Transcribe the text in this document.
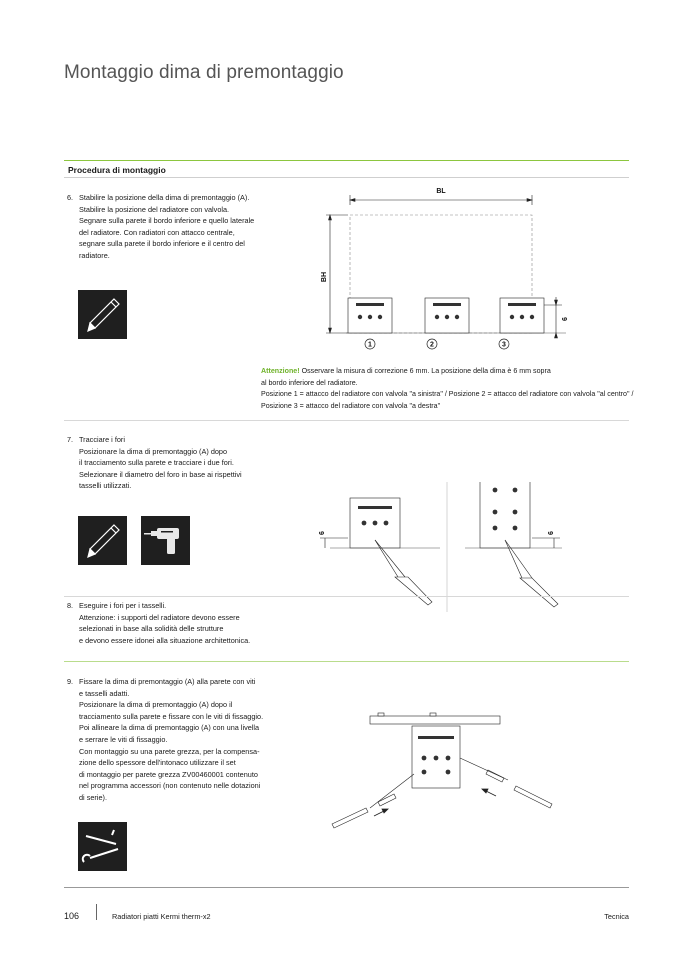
Montaggio dima di premontaggio
Procedura di montaggio
6. Stabilire la posizione della dima di premontaggio (A).
Stabilire la posizione del radiatore con valvola.
Segnare sulla parete il bordo inferiore e quello laterale
del radiatore. Con radiatori con attacco centrale,
segnare sulla parete il bordo inferiore e il centro del
radiatore.
BL
BH
6
1	2	3
Attenzione! Osservare la misura di correzione 6 mm. La posizione della dima è 6 mm sopra
al bordo inferiore del radiatore.
Posizione 1 = attacco del radiatore con valvola "a sinistra" / Posizione 2 = attacco del radiatore con valvola "al centro" /
Posizione 3 = attacco del radiatore con valvola "a destra"
7. Tracciare i fori
Posizionare la dima di premontaggio (A) dopo
il tracciamento sulla parete e tracciare i due fori.
Selezionare il diametro del foro in base ai rispettivi
tasselli utilizzati.
6	6
8. Eseguire i fori per i tasselli.
Attenzione: i supporti del radiatore devono essere
selezionati in base alla solidità delle strutture
e devono essere idonei alla situazione architettonica.
9. Fissare la dima di premontaggio (A) alla parete con viti
e tasselli adatti.
Posizionare la dima di premontaggio (A) dopo il
tracciamento sulla parete e fissare con le viti di fissaggio.
Poi allineare la dima di premontaggio (A) con una livella
e serrare le viti di fissaggio.
Con montaggio su una parete grezza, per la compensa-
zione dello spessore dell'intonaco utilizzare il set
di montaggio per parete grezza ZV00460001 contenuto
nel programma accessori (non contenuto nelle dotazioni
di serie).
106	Radiatori piatti Kermi therm-x2	Tecnica
